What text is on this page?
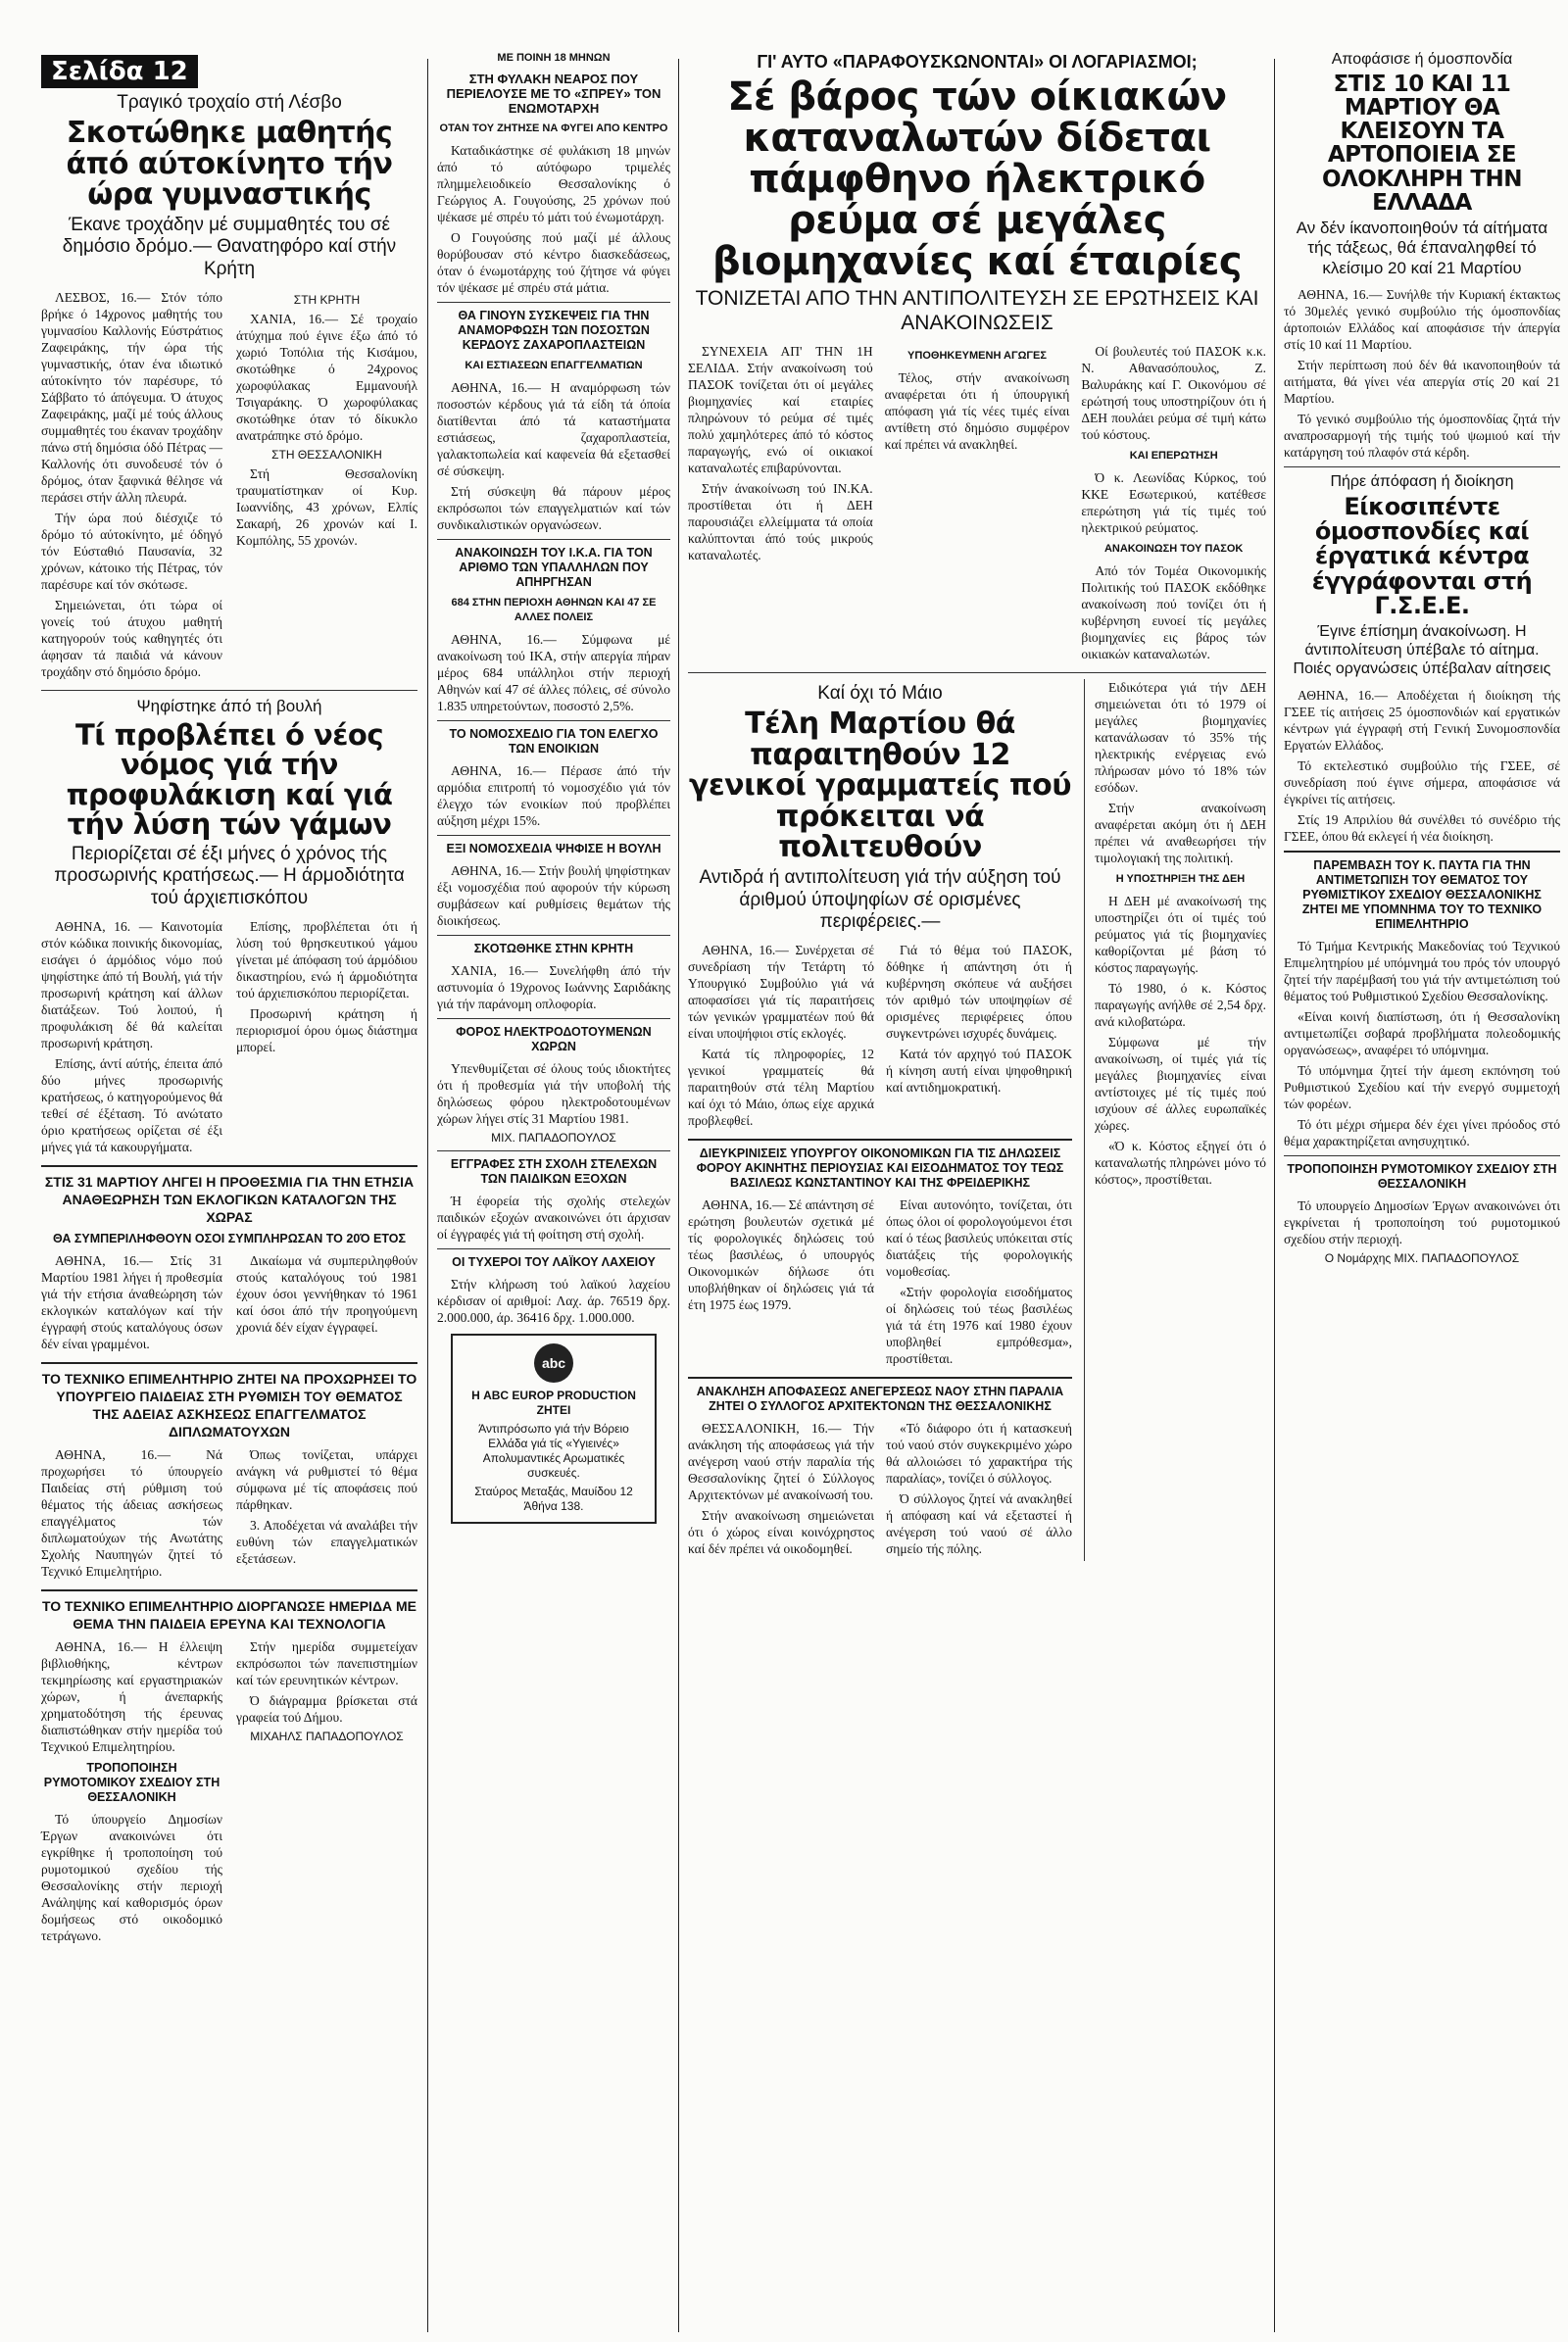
Σελίδα 12
Τραγικό τροχαίο στή Λέσβο
Σκοτώθηκε μαθητής άπό αύτοκίνητο τήν ώρα γυμναστικής
Έκανε τροχάδην μέ συμμαθητές του σέ δημόσιο δρόμο.— Θανατηφόρο καί στήν Κρήτη

ΛΕΣΒΟΣ, 16.— Στόν τόπο βρήκε ό 14χρονος μαθητής του γυμνασίου Καλλονής Εύστράτιος Ζαφειράκης, τήν ώρα τής γυμναστικής, όταν ένα ιδιωτικό αύτοκίνητο τόν παρέσυρε, τό Σάββατο τό άπόγευμα. Ό άτυχος Ζαφειράκης, μαζί μέ τούς άλλους συμμαθητές του έκαναν τροχάδην πάνω στή δημόσια όδό Πέτρας — Καλλονής ότι συνοδευσέ τόν ό δρόμος, όταν ξαφνικά θέλησε νά περάσει στήν άλλη πλευρά.

Τήν ώρα πού διέσχιζε τό δρόμο τό αύτοκίνητο, μέ όδηγό τόν Εύσταθιό Παυσανία, 32 χρόνων, κάτοικο τής Πέτρας, τόν παρέσυρε καί τόν σκότωσε.

Σημειώνεται, ότι τώρα οί γονείς τού άτυχου μαθητή κατηγορούν τούς καθηγητές ότι άφησαν τά παιδιά νά κάνουν τροχάδην στό δημόσιο δρόμο.

ΣΤΗ ΚΡΗΤΗ

ΧΑΝΙΑ, 16.— Σέ τροχαίο άτύχημα πού έγινε έξω άπό τό χωριό Τοπόλια τής Κισάμου, σκοτώθηκε ό 24χρονος χωροφύλακας Εμμανουήλ Τσιγαράκης. Ό χωροφύλακας σκοτώθηκε όταν τό δίκυκλο ανατράπηκε στό δρόμο.

ΣΤΗ ΘΕΣΣΑΛΟΝΙΚΗ

Στή Θεσσαλονίκη τραυματίστηκαν οί Κυρ. Ιωαννίδης, 43 χρόνων, Ελπίς Σακαρή, 26 χρονών καί Ι. Κομπόλης, 55 χρονών.

Ψηφίστηκε άπό τή βουλή
Τί προβλέπει ό νέος νόμος γιά τήν προφυλάκιση καί γιά τήν λύση τών γάμων
Περιορίζεται σέ έξι μήνες ό χρόνος τής προσωρινής κρατήσεως.— Η άρμοδιότητα τού άρχιεπισκόπου

ΑΘΗΝΑ, 16. — Καινοτομία στόν κώδικα ποινικής δικονομίας, εισάγει ό άρμόδιος νόμο πού ψηφίστηκε άπό τή Βουλή, γιά τήν προσωρινή κράτηση καί άλλων διατάξεων. Τού λοιπού, ή προφυλάκιση δέ θά καλείται προσωρινή κράτηση.

Επίσης, άντί αύτής, έπειτα άπό δύο μήνες προσωρινής κρατήσεως, ό κατηγορούμενος θά τεθεί σέ έξέταση. Τό ανώτατο όριο κρατήσεως ορίζεται σέ έξι μήνες γιά τά κακουργήματα.

Επίσης, προβλέπεται ότι ή λύση τού θρησκευτικού γάμου γίνεται μέ άπόφαση τού άρμόδιου δικαστηρίου, ενώ ή άρμοδιότητα τού άρχιεπισκόπου περιορίζεται.

Προσωρινή κράτηση ή περιορισμοί όρου όμως διάστημα μπορεί.

ΣΤΙΣ 31 ΜΑΡΤΙΟΥ ΛΗΓΕΙ Η ΠΡΟΘΕΣΜΙΑ ΓΙΑ ΤΗΝ ΕΤΗΣΙΑ ΑΝΑΘΕΩΡΗΣΗ ΤΩΝ ΕΚΛΟΓΙΚΩΝ ΚΑΤΑΛΟΓΩΝ ΤΗΣ ΧΩΡΑΣ
ΘΑ ΣΥΜΠΕΡΙΛΗΦΘΟΥΝ ΟΣΟΙ ΣΥΜΠΛΗΡΩΣΑΝ ΤΟ 20Ό ΕΤΟΣ

ΑΘΗΝΑ, 16.— Στίς 31 Μαρτίου 1981 λήγει ή προθεσμία γιά τήν ετήσια άναθεώρηση τών εκλογικών καταλόγων καί τήν έγγραφή στούς καταλόγους όσων δέν είναι γραμμένοι.

Δικαίωμα νά συμπεριληφθούν στούς καταλόγους τού 1981 έχουν όσοι γεννήθηκαν τό 1961 καί όσοι άπό τήν προηγούμενη χρονιά δέν είχαν έγγραφεί.

ΤΟ ΤΕΧΝΙΚΟ ΕΠΙΜΕΛΗΤΗΡΙΟ ΖΗΤΕΙ ΝΑ ΠΡΟΧΩΡΗΣΕΙ ΤΟ ΥΠΟΥΡΓΕΙΟ ΠΑΙΔΕΙΑΣ ΣΤΗ ΡΥΘΜΙΣΗ ΤΟΥ ΘΕΜΑΤΟΣ ΤΗΣ ΑΔΕΙΑΣ ΑΣΚΗΣΕΩΣ ΕΠΑΓΓΕΛΜΑΤΟΣ ΔΙΠΛΩΜΑΤΟΥΧΩΝ

ΑΘΗΝΑ, 16.— Νά προχωρήσει τό ύπουργείο Παιδείας στή ρύθμιση τού θέματος τής άδειας ασκήσεως επαγγέλματος τών διπλωματούχων τής Ανωτάτης Σχολής Ναυπηγών ζητεί τό Τεχνικό Επιμελητήριο.

Όπως τονίζεται, υπάρχει ανάγκη νά ρυθμιστεί τό θέμα σύμφωνα μέ τίς αποφάσεις πού πάρθηκαν.

3. Αποδέχεται νά αναλάβει τήν ευθύνη τών επαγγελματικών εξετάσεων.

ΤΟ ΤΕΧΝΙΚΟ ΕΠΙΜΕΛΗΤΗΡΙΟ ΔΙΟΡΓΑΝΩΣΕ ΗΜΕΡΙΔΑ ΜΕ ΘΕΜΑ ΤΗΝ ΠΑΙΔΕΙΑ ΕΡΕΥΝΑ ΚΑΙ ΤΕΧΝΟΛΟΓΙΑ

ΑΘΗΝΑ, 16.— Η έλλειψη βιβλιοθήκης, κέντρων τεκμηρίωσης καί εργαστηριακών χώρων, ή άνεπαρκής χρηματοδότηση τής έρευνας διαπιστώθηκαν στήν ημερίδα τού Τεχνικού Επιμελητηρίου.

ΤΡΟΠΟΠΟΙΗΣΗ ΡΥΜΟΤΟΜΙΚΟΥ ΣΧΕΔΙΟΥ ΣΤΗ ΘΕΣΣΑΛΟΝΙΚΗ

Τό ύπουργείο Δημοσίων Έργων ανακοινώνει ότι εγκρίθηκε ή τροποποίηση τού ρυμοτομικού σχεδίου τής Θεσσαλονίκης στήν περιοχή Ανάληψης καί καθορισμός όρων δομήσεως στό οικοδομικό τετράγωνο.

Στήν ημερίδα συμμετείχαν εκπρόσωποι τών πανεπιστημίων καί τών ερευνητικών κέντρων.

Ό διάγραμμα βρίσκεται στά γραφεία τού Δήμου.

ΜΙΧΑΗΛΣ ΠΑΠΑΔΟΠΟΥΛΟΣ
ΜΕ ΠΟΙΝΗ 18 ΜΗΝΩΝ
ΣΤΗ ΦΥΛΑΚΗ ΝΕΑΡΟΣ ΠΟΥ ΠΕΡΙΕΛΟΥΣΕ ΜΕ ΤΟ «ΣΠΡΕΥ» ΤΟΝ ΕΝΩΜΟΤΑΡΧΗ
ΟΤΑΝ ΤΟΥ ΖΗΤΗΣΕ ΝΑ ΦΥΓΕΙ ΑΠΟ ΚΕΝΤΡΟ

Καταδικάστηκε σέ φυλάκιση 18 μηνών άπό τό αύτόφωρο τριμελές πλημμελειοδικείο Θεσσαλονίκης ό Γεώργιος Α. Γουγούσης, 25 χρόνων πού ψέκασε μέ σπρέυ τό μάτι τού ένωμοτάρχη.

Ο Γουγούσης πού μαζί μέ άλλους θορύβουσαν στό κέντρο διασκεδάσεως, όταν ό ένωμοτάρχης τού ζήτησε νά φύγει τόν ψέκασε μέ σπρέυ στά μάτια.

ΘΑ ΓΙΝΟΥΝ ΣΥΣΚΕΨΕΙΣ ΓΙΑ ΤΗΝ ΑΝΑΜΟΡΦΩΣΗ ΤΩΝ ΠΟΣΟΣΤΩΝ ΚΕΡΔΟΥΣ ΖΑΧΑΡΟΠΛΑΣΤΕΙΩΝ
ΚΑΙ ΕΣΤΙΑΣΕΩΝ ΕΠΑΓΓΕΛΜΑΤΙΩΝ

ΑΘΗΝΑ, 16.— Η αναμόρφωση τών ποσοστών κέρδους γιά τά είδη τά όποία διατίθενται άπό τά καταστήματα εστιάσεως, ζαχαροπλαστεία, γαλακτοπωλεία καί καφενεία θά εξετασθεί σέ σύσκεψη.

Στή σύσκεψη θά πάρουν μέρος εκπρόσωποι τών επαγγελματιών καί τών συνδικαλιστικών οργανώσεων.

ΑΝΑΚΟΙΝΩΣΗ ΤΟΥ Ι.Κ.Α. ΓΙΑ ΤΟΝ ΑΡΙΘΜΟ ΤΩΝ ΥΠΑΛΛΗΛΩΝ ΠΟΥ ΑΠΗΡΓΗΣΑΝ
684 ΣΤΗΝ ΠΕΡΙΟΧΗ ΑΘΗΝΩΝ ΚΑΙ 47 ΣΕ ΑΛΛΕΣ ΠΟΛΕΙΣ

ΑΘΗΝΑ, 16.— Σύμφωνα μέ ανακοίνωση τού ΙΚΑ, στήν απεργία πήραν μέρος 684 υπάλληλοι στήν περιοχή Αθηνών καί 47 σέ άλλες πόλεις, σέ σύνολο 1.835 υπηρετούντων, ποσοστό 2,5%.

ΤΟ ΝΟΜΟΣΧΕΔΙΟ ΓΙΑ ΤΟΝ ΕΛΕΓΧΟ ΤΩΝ ΕΝΟΙΚΙΩΝ

ΑΘΗΝΑ, 16.— Πέρασε άπό τήν αρμόδια επιτροπή τό νομοσχέδιο γιά τόν έλεγχο τών ενοικίων πού προβλέπει αύξηση μέχρι 15%.

ΕΞΙ ΝΟΜΟΣΧΕΔΙΑ ΨΗΦΙΣΕ Η ΒΟΥΛΗ

ΑΘΗΝΑ, 16.— Στήν βουλή ψηφίστηκαν έξι νομοσχέδια πού αφορούν τήν κύρωση συμβάσεων καί ρυθμίσεις θεμάτων τής διοικήσεως.

ΣΚΟΤΩΘΗΚΕ ΣΤΗΝ ΚΡΗΤΗ

ΧΑΝΙΑ, 16.— Συνελήφθη άπό τήν αστυνομία ό 19χρονος Ιωάννης Σαριδάκης γιά τήν παράνομη οπλοφορία.

ΦΟΡΟΣ ΗΛΕΚΤΡΟΔΟΤΟΥΜΕΝΩΝ ΧΩΡΩΝ

Υπενθυμίζεται σέ όλους τούς ιδιοκτήτες ότι ή προθεσμία γιά τήν υποβολή τής δηλώσεως φόρου ηλεκτροδοτουμένων χώρων λήγει στίς 31 Μαρτίου 1981.

ΜΙΧ. ΠΑΠΑΔΟΠΟΥΛΟΣ
ΕΓΓΡΑΦΕΣ ΣΤΗ ΣΧΟΛΗ ΣΤΕΛΕΧΩΝ ΤΩΝ ΠΑΙΔΙΚΩΝ ΕΞΟΧΩΝ

Ή έφορεία τής σχολής στελεχών παιδικών εξοχών ανακοινώνει ότι άρχισαν οί έγγραφές γιά τή φοίτηση στή σχολή.

ΟΙ ΤΥΧΕΡΟΙ ΤΟΥ ΛΑΪΚΟΥ ΛΑΧΕΙΟΥ

Στήν κλήρωση τού λαϊκού λαχείου κέρδισαν οί αριθμοί: Λαχ. άρ. 76519 δρχ. 2.000.000, άρ. 36416 δρχ. 1.000.000.

abc
Η ABC EUROP PRODUCTION ΖΗΤΕΙ
Άντιπρόσωπο γιά τήν Βόρειο Ελλάδα γιά τίς «Υγιεινές» Απολυμαντικές Αρωματικές συσκευές.
Σταύρος Μεταξάς, Μαυίδου 12 Άθήνα 138.
ΓΙ' ΑΥΤΟ «ΠΑΡΑΦΟΥΣΚΩΝΟΝΤΑΙ» ΟΙ ΛΟΓΑΡΙΑΣΜΟΙ;
Σέ βάρος τών οίκιακών καταναλωτών δίδεται πάμφθηνο ήλεκτρικό ρεύμα σέ μεγάλες βιομηχανίες καί έταιρίες
ΤΟΝΙΖΕΤΑΙ ΑΠΟ ΤΗΝ ΑΝΤΙΠΟΛΙΤΕΥΣΗ ΣΕ ΕΡΩΤΗΣΕΙΣ ΚΑΙ ΑΝΑΚΟΙΝΩΣΕΙΣ

ΣΥΝΕΧΕΙΑ ΑΠ' ΤΗΝ 1Η ΣΕΛΙΔΑ. Στήν ανακοίνωση τού ΠΑΣΟΚ τονίζεται ότι οί μεγάλες βιομηχανίες καί εταιρίες πληρώνουν τό ρεύμα σέ τιμές πολύ χαμηλότερες άπό τό κόστος παραγωγής, ενώ οί οικιακοί καταναλωτές επιβαρύνονται.

Στήν άνακοίνωση τού ΙΝ.ΚΑ. προστίθεται ότι ή ΔΕΗ παρουσιάζει ελλείμματα τά οποία καλύπτονται άπό τούς μικρούς καταναλωτές.

ΥΠΟΘΗΚΕΥΜΕΝΗ ΑΓΩΓΕΣ

Τέλος, στήν ανακοίνωση αναφέρεται ότι ή ύπουργική απόφαση γιά τίς νέες τιμές είναι αντίθετη στό δημόσιο συμφέρον καί πρέπει νά ανακληθεί.

Οί βουλευτές τού ΠΑΣΟΚ κ.κ. Ν. Αθανασόπουλος, Ζ. Βαλυράκης καί Γ. Οικονόμου σέ ερώτησή τους υποστηρίζουν ότι ή ΔΕΗ πουλάει ρεύμα σέ τιμή κάτω τού κόστους.

ΚΑΙ ΕΠΕΡΩΤΗΣΗ

Ό κ. Λεωνίδας Κύρκος, τού ΚΚΕ Εσωτερικού, κατέθεσε επερώτηση γιά τίς τιμές τού ηλεκτρικού ρεύματος.

ΑΝΑΚΟΙΝΩΣΗ ΤΟΥ ΠΑΣΟΚ

Από τόν Τομέα Οικονομικής Πολιτικής τού ΠΑΣΟΚ εκδόθηκε ανακοίνωση πού τονίζει ότι ή κυβέρνηση ευνοεί τίς μεγάλες βιομηχανίες εις βάρος τών οικιακών καταναλωτών.

Καί όχι τό Μάιο
Τέλη Μαρτίου θά παραιτηθούν 12 γενικοί γραμματείς πού πρόκειται νά πολιτευθούν
Αντιδρά ή αντιπολίτευση γιά τήν αύξηση τού άριθμού ύποψηφίων σέ ορισμένες περιφέρειες.—

ΑΘΗΝΑ, 16.— Συνέρχεται σέ συνεδρίαση τήν Τετάρτη τό Υπουργικό Συμβούλιο γιά νά αποφασίσει γιά τίς παραιτήσεις τών γενικών γραμματέων πού θά είναι υποψήφιοι στίς εκλογές.

Κατά τίς πληροφορίες, 12 γενικοί γραμματείς θά παραιτηθούν στά τέλη Μαρτίου καί όχι τό Μάιο, όπως είχε αρχικά προβλεφθεί.

Γιά τό θέμα τού ΠΑΣΟΚ, δόθηκε ή απάντηση ότι ή κυβέρνηση σκόπευε νά αυξήσει τόν αριθμό τών υποψηφίων σέ ορισμένες περιφέρειες όπου συγκεντρώνει ισχυρές δυνάμεις.

Κατά τόν αρχηγό τού ΠΑΣΟΚ ή κίνηση αυτή είναι ψηφοθηρική καί αντιδημοκρατική.

ΔΙΕΥΚΡΙΝΙΣΕΙΣ ΥΠΟΥΡΓΟΥ ΟΙΚΟΝΟΜΙΚΩΝ ΓΙΑ ΤΙΣ ΔΗΛΩΣΕΙΣ ΦΟΡΟΥ ΑΚΙΝΗΤΗΣ ΠΕΡΙΟΥΣΙΑΣ ΚΑΙ ΕΙΣΟΔΗΜΑΤΟΣ ΤΟΥ ΤΕΩΣ ΒΑΣΙΛΕΩΣ ΚΩΝΣΤΑΝΤΙΝΟΥ ΚΑΙ ΤΗΣ ΦΡΕΙΔΕΡΙΚΗΣ

ΑΘΗΝΑ, 16.— Σέ απάντηση σέ ερώτηση βουλευτών σχετικά μέ τίς φορολογικές δηλώσεις τού τέως βασιλέως, ό υπουργός Οικονομικών δήλωσε ότι υποβλήθηκαν οί δηλώσεις γιά τά έτη 1975 έως 1979.

Είναι αυτονόητο, τονίζεται, ότι όπως όλοι οί φορολογούμενοι έτσι καί ό τέως βασιλεύς υπόκειται στίς διατάξεις τής φορολογικής νομοθεσίας.

«Στήν φορολογία εισοδήματος οί δηλώσεις τού τέως βασιλέως γιά τά έτη 1976 καί 1980 έχουν υποβληθεί εμπρόθεσμα», προστίθεται.

ΑΝΑΚΛΗΣΗ ΑΠΟΦΑΣΕΩΣ ΑΝΕΓΕΡΣΕΩΣ ΝΑΟΥ ΣΤΗΝ ΠΑΡΑΛΙΑ ΖΗΤΕΙ Ο ΣΥΛΛΟΓΟΣ ΑΡΧΙΤΕΚΤΟΝΩΝ ΤΗΣ ΘΕΣΣΑΛΟΝΙΚΗΣ

ΘΕΣΣΑΛΟΝΙΚΗ, 16.— Τήν ανάκληση τής αποφάσεως γιά τήν ανέγερση ναού στήν παραλία τής Θεσσαλονίκης ζητεί ό Σύλλογος Αρχιτεκτόνων μέ ανακοίνωσή του.

Στήν ανακοίνωση σημειώνεται ότι ό χώρος είναι κοινόχρηστος καί δέν πρέπει νά οικοδομηθεί.

«Τό διάφορο ότι ή κατασκευή τού ναού στόν συγκεκριμένο χώρο θά αλλοιώσει τό χαρακτήρα τής παραλίας», τονίζει ό σύλλογος.

Ό σύλλογος ζητεί νά ανακληθεί ή απόφαση καί νά εξεταστεί ή ανέγερση τού ναού σέ άλλο σημείο τής πόλης.

Ειδικότερα γιά τήν ΔΕΗ σημειώνεται ότι τό 1979 οί μεγάλες βιομηχανίες κατανάλωσαν τό 35% τής ηλεκτρικής ενέργειας ενώ πλήρωσαν μόνο τό 18% τών εσόδων.

Στήν ανακοίνωση αναφέρεται ακόμη ότι ή ΔΕΗ πρέπει νά αναθεωρήσει τήν τιμολογιακή της πολιτική.

Η ΥΠΟΣΤΗΡΙΞΗ ΤΗΣ ΔΕΗ

Η ΔΕΗ μέ ανακοίνωσή της υποστηρίζει ότι οί τιμές τού ρεύματος γιά τίς βιομηχανίες καθορίζονται μέ βάση τό κόστος παραγωγής.

Τό 1980, ό κ. Κόστος παραγωγής ανήλθε σέ 2,54 δρχ. ανά κιλοβατώρα.

Σύμφωνα μέ τήν ανακοίνωση, οί τιμές γιά τίς μεγάλες βιομηχανίες είναι αντίστοιχες μέ τίς τιμές πού ισχύουν σέ άλλες ευρωπαϊκές χώρες.

«Ό κ. Κόστος εξηγεί ότι ό καταναλωτής πληρώνει μόνο τό κόστος», προστίθεται.

Αποφάσισε ή όμοσπονδία
ΣΤΙΣ 10 ΚΑΙ 11 ΜΑΡΤΙΟΥ ΘΑ ΚΛΕΙΣΟΥΝ ΤΑ ΑΡΤΟΠΟΙΕΙΑ ΣΕ ΟΛΟΚΛΗΡΗ ΤΗΝ ΕΛΛΑΔΑ
Αν δέν ίκανοποιηθούν τά αίτήματα τής τάξεως, θά έπαναληφθεί τό κλείσιμο 20 καί 21 Μαρτίου

ΑΘΗΝΑ, 16.— Συνήλθε τήν Κυριακή έκτακτως τό 30μελές γενικό συμβούλιο τής όμοσπονδίας άρτοποιών Ελλάδος καί αποφάσισε τήν άπεργία στίς 10 καί 11 Μαρτίου.

Στήν περίπτωση πού δέν θά ικανοποιηθούν τά αιτήματα, θά γίνει νέα απεργία στίς 20 καί 21 Μαρτίου.

Τό γενικό συμβούλιο τής όμοσπονδίας ζητά τήν αναπροσαρμογή τής τιμής τού ψωμιού καί τήν κατάργηση τού πλαφόν στά κέρδη.

Πήρε άπόφαση ή διοίκηση
Είκοσιπέντε όμοσπονδίες καί έργατικά κέντρα έγγράφονται στή Γ.Σ.Ε.Ε.
Έγινε έπίσημη άνακοίνωση. Η άντιπολίτευση ύπέβαλε τό αίτημα. Ποιές οργανώσεις ύπέβαλαν αίτησεις

ΑΘΗΝΑ, 16.— Αποδέχεται ή διοίκηση τής ΓΣΕΕ τίς αιτήσεις 25 όμοσπονδιών καί εργατικών κέντρων γιά έγγραφή στή Γενική Συνομοσπονδία Εργατών Ελλάδος.

Τό εκτελεστικό συμβούλιο τής ΓΣΕΕ, σέ συνεδρίαση πού έγινε σήμερα, αποφάσισε νά έγκρίνει τίς αιτήσεις.

Στίς 19 Απριλίου θά συνέλθει τό συνέδριο τής ΓΣΕΕ, όπου θά εκλεγεί ή νέα διοίκηση.

ΠΑΡΕΜΒΑΣΗ ΤΟΥ Κ. ΠΑΥΤΑ ΓΙΑ ΤΗΝ ΑΝΤΙΜΕΤΩΠΙΣΗ ΤΟΥ ΘΕΜΑΤΟΣ ΤΟΥ ΡΥΘΜΙΣΤΙΚΟΥ ΣΧΕΔΙΟΥ ΘΕΣΣΑΛΟΝΙΚΗΣ ΖΗΤΕΙ ΜΕ ΥΠΟΜΝΗΜΑ ΤΟΥ ΤΟ ΤΕΧΝΙΚΟ ΕΠΙΜΕΛΗΤΗΡΙΟ

Τό Τμήμα Κεντρικής Μακεδονίας τού Τεχνικού Επιμελητηρίου μέ υπόμνημά του πρός τόν υπουργό ζητεί τήν παρέμβασή του γιά τήν αντιμετώπιση τού θέματος τού Ρυθμιστικού Σχεδίου Θεσσαλονίκης.

«Είναι κοινή διαπίστωση, ότι ή Θεσσαλονίκη αντιμετωπίζει σοβαρά προβλήματα πολεοδομικής οργανώσεως», αναφέρει τό υπόμνημα.

Τό υπόμνημα ζητεί τήν άμεση εκπόνηση τού Ρυθμιστικού Σχεδίου καί τήν ενεργό συμμετοχή τών φορέων.

Τό ότι μέχρι σήμερα δέν έχει γίνει πρόοδος στό θέμα χαρακτηρίζεται ανησυχητικό.

ΤΡΟΠΟΠΟΙΗΣΗ ΡΥΜΟΤΟΜΙΚΟΥ ΣΧΕΔΙΟΥ ΣΤΗ ΘΕΣΣΑΛΟΝΙΚΗ

Τό υπουργείο Δημοσίων Έργων ανακοινώνει ότι εγκρίνεται ή τροποποίηση τού ρυμοτομικού σχεδίου στήν περιοχή.

Ο Νομάρχης ΜΙΧ. ΠΑΠΑΔΟΠΟΥΛΟΣ
